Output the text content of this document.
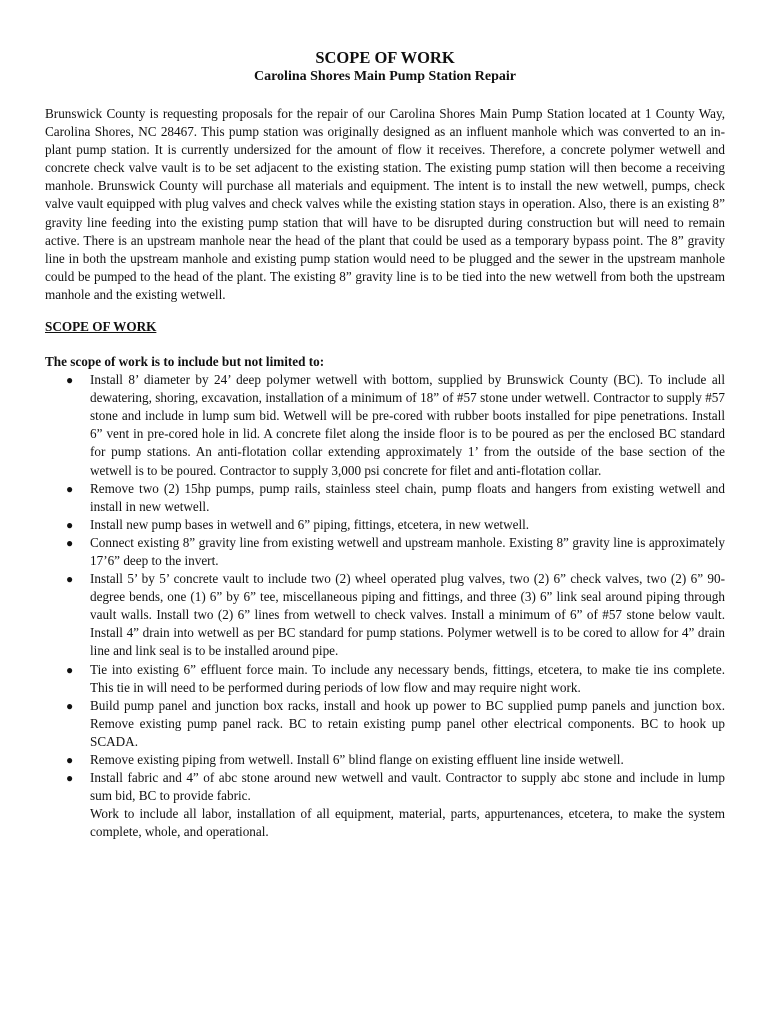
SCOPE OF WORK
Carolina Shores Main Pump Station Repair

Brunswick County is requesting proposals for the repair of our Carolina Shores Main Pump Station located at 1 County Way, Carolina Shores, NC 28467. This pump station was originally designed as an influent manhole which was converted to an in-plant pump station. It is currently undersized for the amount of flow it receives. Therefore, a concrete polymer wetwell and concrete check valve vault is to be set adjacent to the existing station. The existing pump station will then become a receiving manhole. Brunswick County will purchase all materials and equipment. The intent is to install the new wetwell, pumps, check valve vault equipped with plug valves and check valves while the existing station stays in operation. Also, there is an existing 8” gravity line feeding into the existing pump station that will have to be disrupted during construction but will need to remain active. There is an upstream manhole near the head of the plant that could be used as a temporary bypass point. The 8” gravity line in both the upstream manhole and existing pump station would need to be plugged and the sewer in the upstream manhole could be pumped to the head of the plant. The existing 8” gravity line is to be tied into the new wetwell from both the upstream manhole and the existing wetwell.

SCOPE OF WORK

The scope of work is to include but not limited to:

● Install 8’ diameter by 24’ deep polymer wetwell with bottom, supplied by Brunswick County (BC). To include all dewatering, shoring, excavation, installation of a minimum of 18” of #57 stone under wetwell. Contractor to supply #57 stone and include in lump sum bid. Wetwell will be pre-cored with rubber boots installed for pipe penetrations. Install 6” vent in pre-cored hole in lid. A concrete filet along the inside floor is to be poured as per the enclosed BC standard for pump stations. An anti-flotation collar extending approximately 1’ from the outside of the base section of the wetwell is to be poured. Contractor to supply 3,000 psi concrete for filet and anti-flotation collar.
● Remove two (2) 15hp pumps, pump rails, stainless steel chain, pump floats and hangers from existing wetwell and install in new wetwell.
● Install new pump bases in wetwell and 6” piping, fittings, etcetera, in new wetwell.
● Connect existing 8” gravity line from existing wetwell and upstream manhole. Existing 8” gravity line is approximately 17’6” deep to the invert.
● Install 5’ by 5’ concrete vault to include two (2) wheel operated plug valves, two (2) 6” check valves, two (2) 6” 90-degree bends, one (1) 6” by 6” tee, miscellaneous piping and fittings, and three (3) 6” link seal around piping through vault walls. Install two (2) 6” lines from wetwell to check valves. Install a minimum of 6” of #57 stone below vault. Install 4” drain into wetwell as per BC standard for pump stations. Polymer wetwell is to be cored to allow for 4” drain line and link seal is to be installed around pipe.
● Tie into existing 6” effluent force main. To include any necessary bends, fittings, etcetera, to make tie ins complete. This tie in will need to be performed during periods of low flow and may require night work.
● Build pump panel and junction box racks, install and hook up power to BC supplied pump panels and junction box. Remove existing pump panel rack. BC to retain existing pump panel other electrical components. BC to hook up SCADA.
● Remove existing piping from wetwell. Install 6” blind flange on existing effluent line inside wetwell.
● Install fabric and 4” of abc stone around new wetwell and vault. Contractor to supply abc stone and include in lump sum bid, BC to provide fabric.

Work to include all labor, installation of all equipment, material, parts, appurtenances, etcetera, to make the system complete, whole, and operational.
